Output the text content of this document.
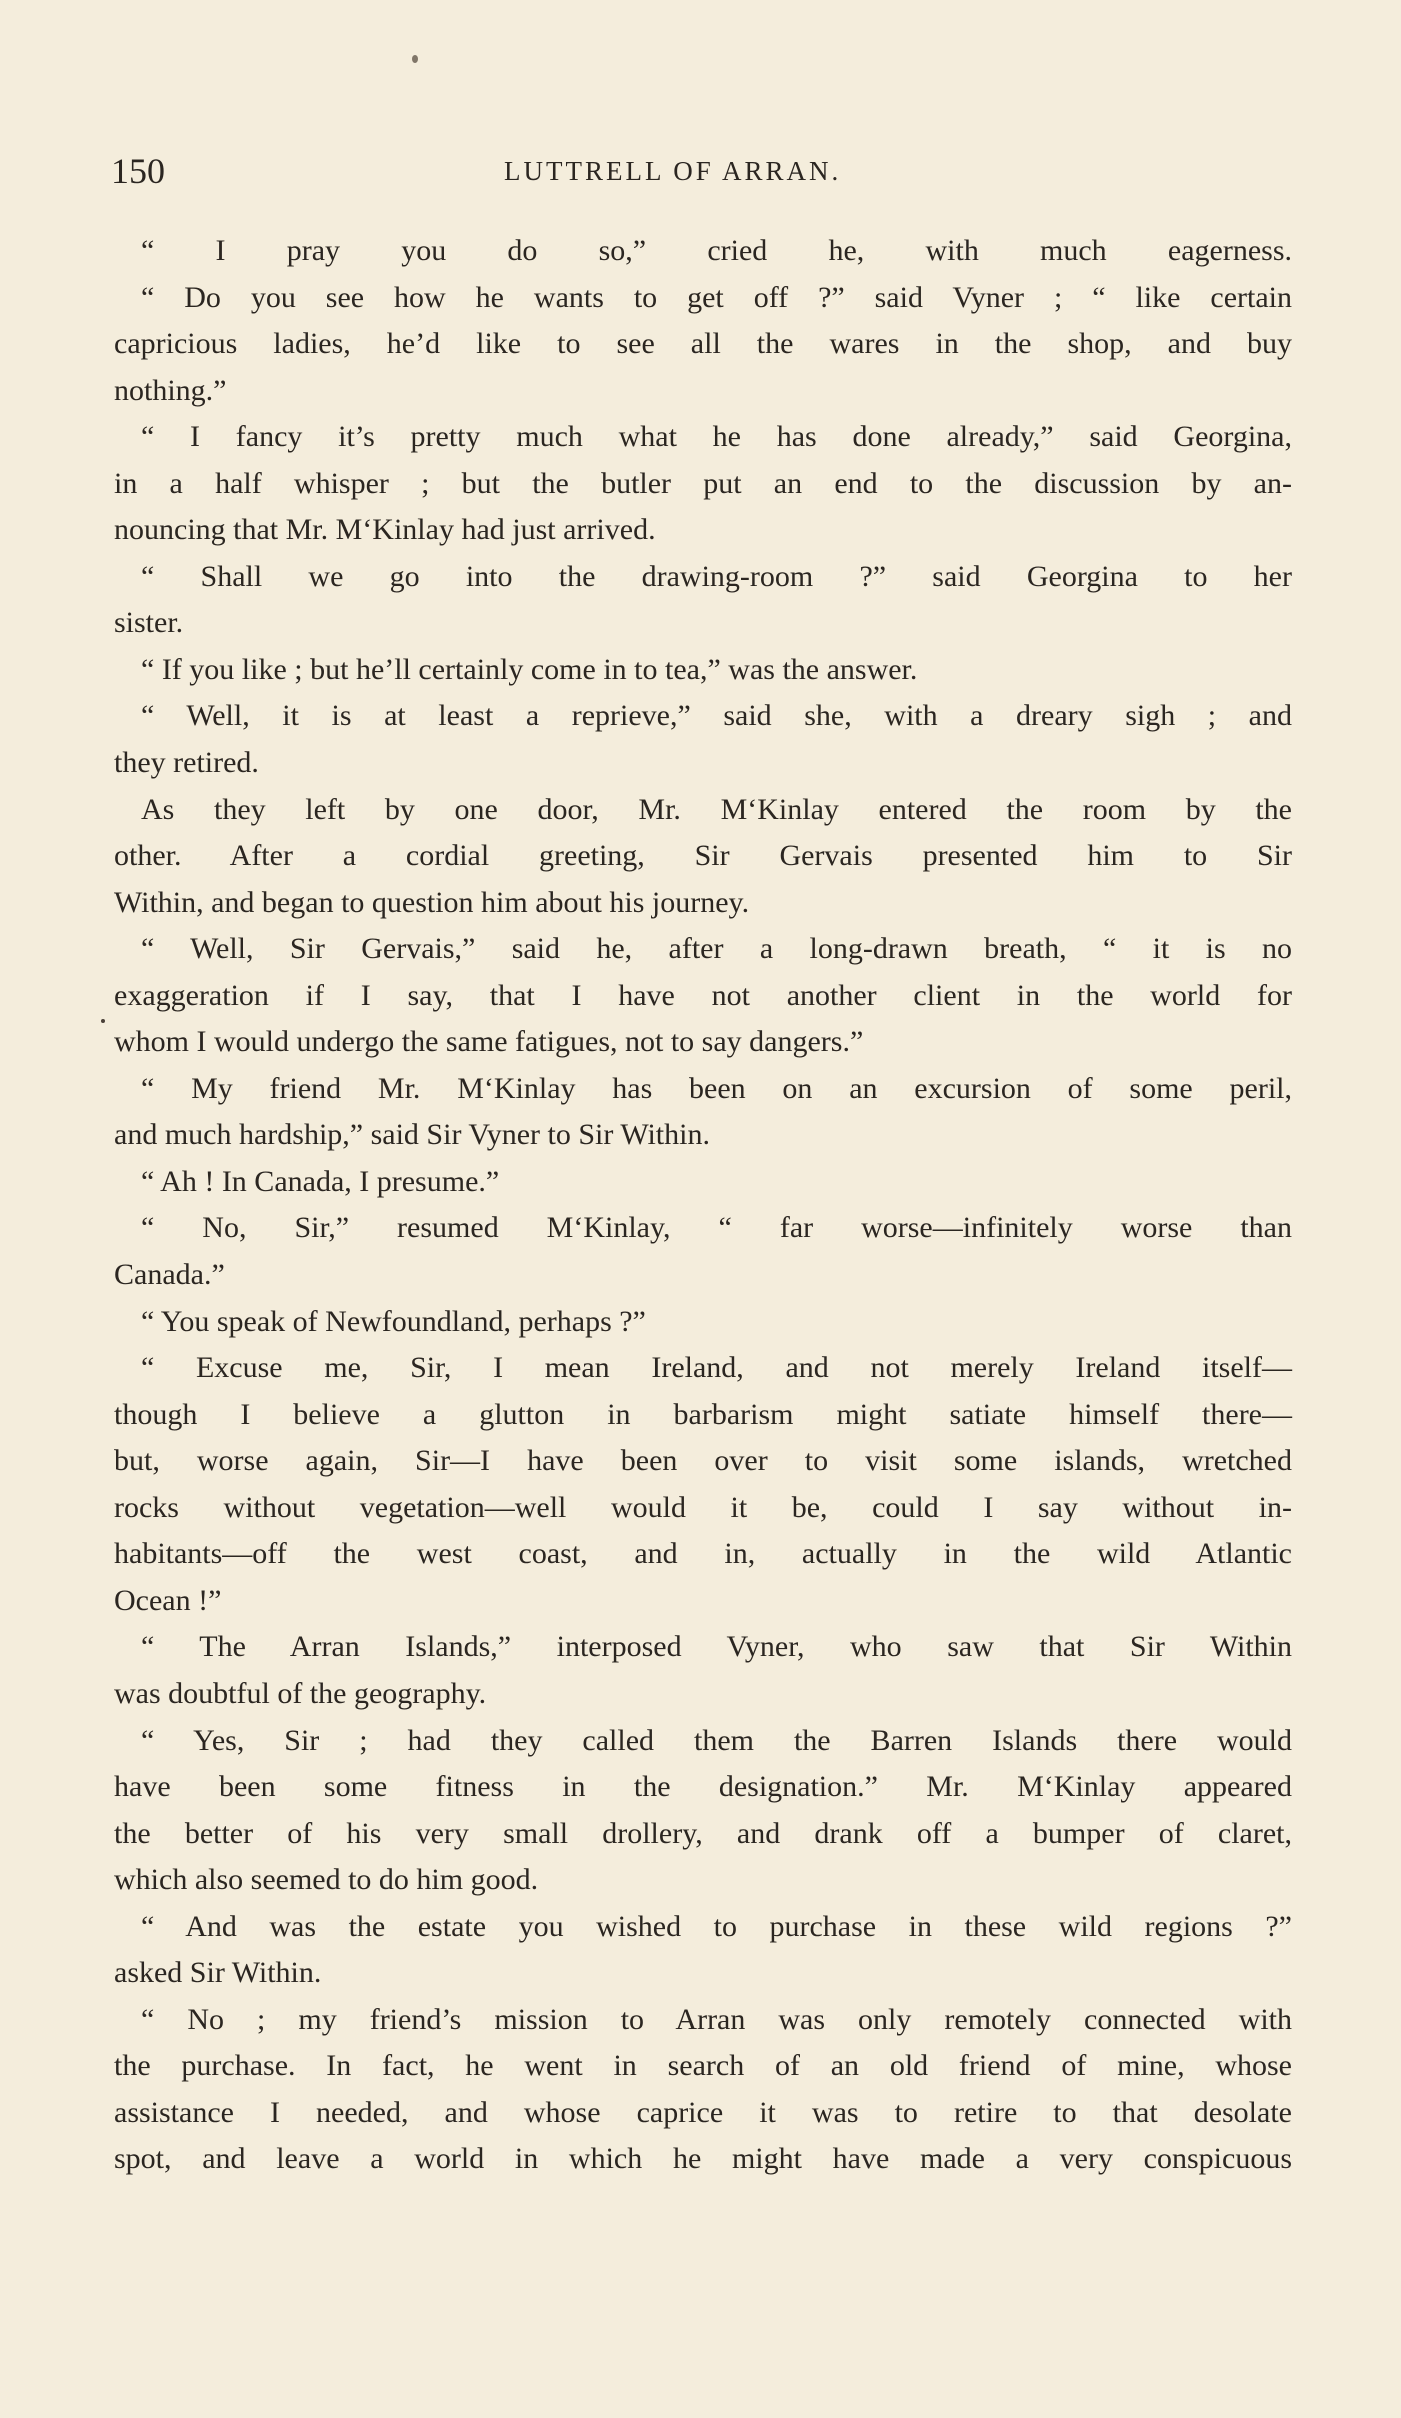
150	LUTTRELL OF ARRAN.
“ I pray you do so,” cried he, with much eagerness.
“ Do you see how he wants to get off ?” said Vyner ; “ like certain
capricious ladies, he’d like to see all the wares in the shop, and buy
nothing.”
“ I fancy it’s pretty much what he has done already,” said Georgina,
in a half whisper ; but the butler put an end to the discussion by an-
nouncing that Mr. M‘Kinlay had just arrived.
“ Shall we go into the drawing-room ?” said Georgina to her
sister.
“ If you like ; but he’ll certainly come in to tea,” was the answer.
“ Well, it is at least a reprieve,” said she, with a dreary sigh ; and
they retired.
As they left by one door, Mr. M‘Kinlay entered the room by the
other. After a cordial greeting, Sir Gervais presented him to Sir
Within, and began to question him about his journey.
“ Well, Sir Gervais,” said he, after a long-drawn breath, “ it is no
exaggeration if I say, that I have not another client in the world for
whom I would undergo the same fatigues, not to say dangers.”
“ My friend Mr. M‘Kinlay has been on an excursion of some peril,
and much hardship,” said Sir Vyner to Sir Within.
“ Ah ! In Canada, I presume.”
“ No, Sir,” resumed M‘Kinlay, “ far worse—infinitely worse than
Canada.”
“ You speak of Newfoundland, perhaps ?”
“ Excuse me, Sir, I mean Ireland, and not merely Ireland itself—
though I believe a glutton in barbarism might satiate himself there—
but, worse again, Sir—I have been over to visit some islands, wretched
rocks without vegetation—well would it be, could I say without in-
habitants—off the west coast, and in, actually in the wild Atlantic
Ocean !”
“ The Arran Islands,” interposed Vyner, who saw that Sir Within
was doubtful of the geography.
“ Yes, Sir ; had they called them the Barren Islands there would
have been some fitness in the designation.” Mr. M‘Kinlay appeared
the better of his very small drollery, and drank off a bumper of claret,
which also seemed to do him good.
“ And was the estate you wished to purchase in these wild regions ?”
asked Sir Within.
“ No ; my friend’s mission to Arran was only remotely connected with
the purchase. In fact, he went in search of an old friend of mine, whose
assistance I needed, and whose caprice it was to retire to that desolate
spot, and leave a world in which he might have made a very conspicuous
